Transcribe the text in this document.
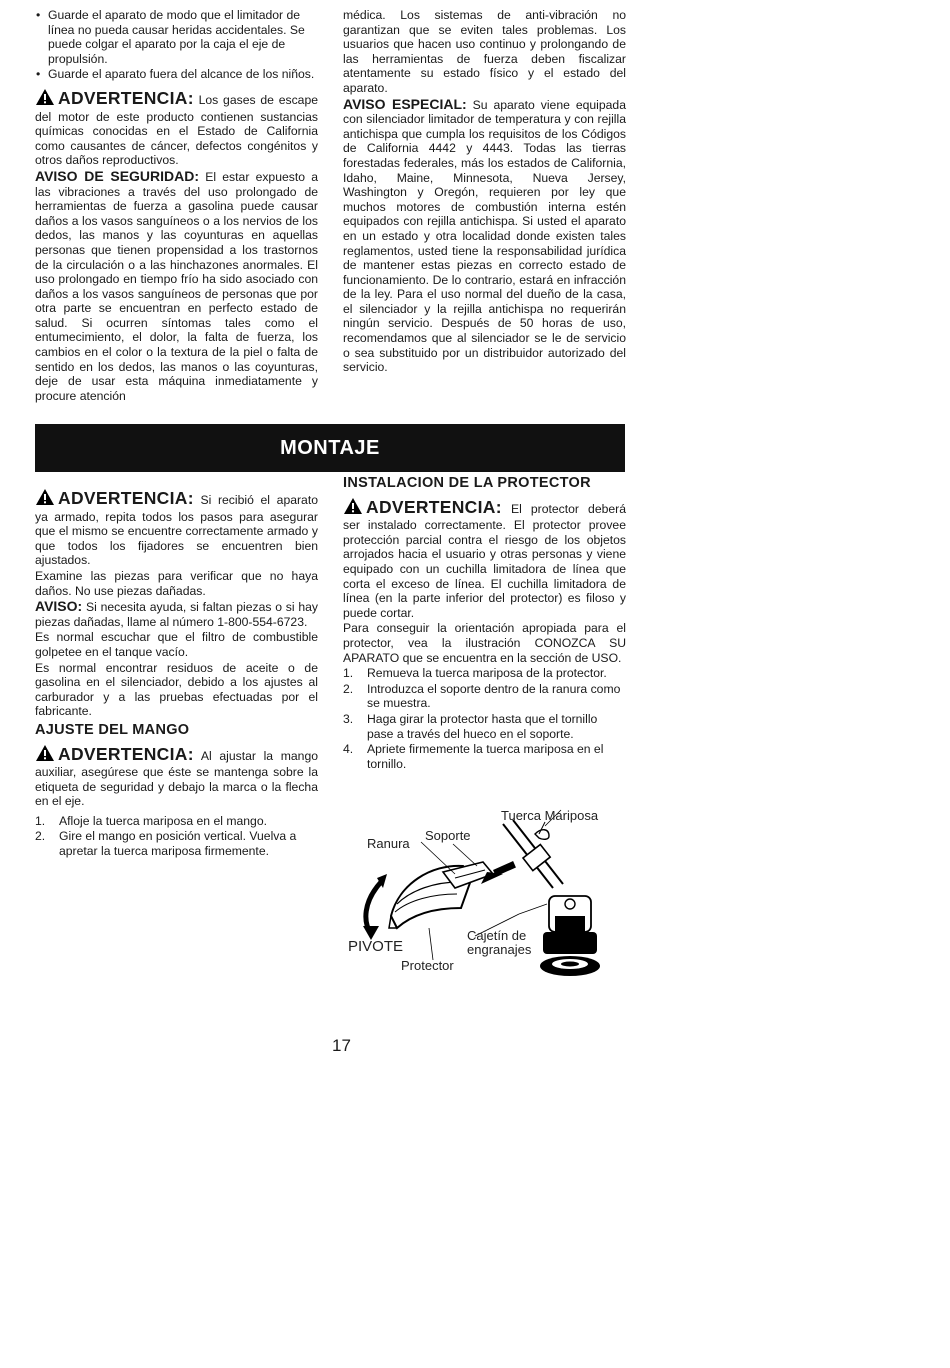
• Guarde el aparato de modo que el limitador de línea no pueda causar heridas accidentales. Se puede colgar el aparato por la caja el eje de propulsión.
• Guarde el aparato fuera del alcance de los niños.

ADVERTENCIA: Los gases de escape del motor de este producto contienen sustancias químicas conocidas en el Estado de California como causantes de cáncer, defectos congénitos y otros daños reproductivos.

AVISO DE SEGURIDAD: El estar expuesto a las vibraciones a través del uso prolongado de herramientas de fuerza a gasolina puede causar daños a los vasos sanguíneos o a los nervios de los dedos, las manos y las coyunturas en aquellas personas que tienen propensidad a los trastornos de la circulación o a las hinchazones anormales. El uso prolongado en tiempo frío ha sido asociado con daños a los vasos sanguíneos de personas que por otra parte se encuentran en perfecto estado de salud. Si ocurren síntomas tales como el entumecimiento, el dolor, la falta de fuerza, los cambios en el color o la textura de la piel o falta de sentido en los dedos, las manos o las coyunturas, deje de usar esta máquina inmediatamente y procure atención

médica. Los sistemas de anti-vibración no garantizan que se eviten tales problemas. Los usuarios que hacen uso continuo y prolongando de las herramientas de fuerza deben fiscalizar atentamente su estado físico y el estado del aparato.

AVISO ESPECIAL: Su aparato viene equipada con silenciador limitador de temperatura y con rejilla antichispa que cumpla los requisitos de los Códigos de California 4442 y 4443. Todas las tierras forestadas federales, más los estados de California, Idaho, Maine, Minnesota, Nueva Jersey, Washington y Oregón, requieren por ley que muchos motores de combustión interna estén equipados con rejilla antichispa. Si usted el aparato en un estado y otra localidad donde existen tales reglamentos, usted tiene la responsabilidad jurídica de mantener estas piezas en correcto estado de funcionamiento. De lo contrario, estará en infracción de la ley. Para el uso normal del dueño de la casa, el silenciador y la rejilla antichispa no requerirán ningún servicio. Después de 50 horas de uso, recomendamos que al silenciador se le de servicio o sea substituido por un distribuidor autorizado del servicio.

MONTAJE

ADVERTENCIA: Si recibió el aparato ya armado, repita todos los pasos para asegurar que el mismo se encuentre correctamente armado y que todos los fijadores se encuentren bien ajustados.

Examine las piezas para verificar que no haya daños. No use piezas dañadas.

AVISO: Si necesita ayuda, si faltan piezas o si hay piezas dañadas, llame al número 1-800-554-6723.

Es normal escuchar que el filtro de combustible golpetee en el tanque vacío.

Es normal encontrar residuos de aceite o de gasolina en el silenciador, debido a los ajustes al carburador y a las pruebas efectuadas por el fabricante.

AJUSTE DEL MANGO

ADVERTENCIA: Al ajustar la mango auxiliar, asegúrese que éste se mantenga sobre la etiqueta de seguridad y debajo la marca o la flecha en el eje.

1. Afloje la tuerca mariposa en el mango.
2. Gire el mango en posición vertical. Vuelva a apretar la tuerca mariposa firmemente.
INSTALACION DE LA PROTECTOR

ADVERTENCIA: El protector deberá ser instalado correctamente. El protector provee protección parcial contra el riesgo de los objetos arrojados hacia el usuario y otras personas y viene equipado con un cuchilla limitadora de línea que corta el exceso de línea. El cuchilla limitadora de línea (en la parte inferior del protector) es filoso y puede cortar.

Para conseguir la orientación apropiada para el protector, vea la ilustración CONOZCA SU APARATO que se encuentra en la sección de USO.

1. Remueva la tuerca mariposa de la protector.
2. Introduzca el soporte dentro de la ranura como se muestra.
3. Haga girar la protector hasta que el tornillo pase a través del hueco en el soporte.
4. Apriete firmemente la tuerca mariposa en el tornillo.
Tuerca Mariposa
Soporte
Ranura
PIVOTE
Cajetín de
engranajes
Protector
17
